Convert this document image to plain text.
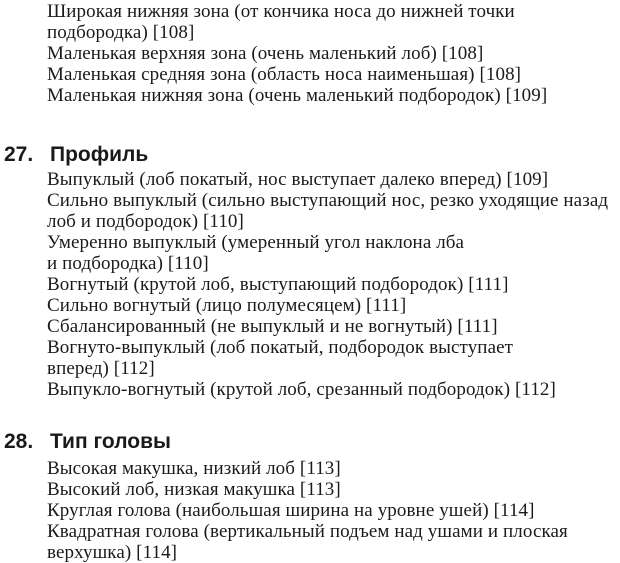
Широкая нижняя зона (от кончика носа до нижней точки
подбородка) [108]
Маленькая верхняя зона (очень маленький лоб) [108]
Маленькая средняя зона (область носа наименьшая) [108]
Маленькая нижняя зона (очень маленький подбородок) [109]
27. Профиль
Выпуклый (лоб покатый, нос выступает далеко вперед) [109]
Сильно выпуклый (сильно выступающий нос, резко уходящие назад
лоб и подбородок) [110]
Умеренно выпуклый (умеренный угол наклона лба
и подбородка) [110]
Вогнутый (крутой лоб, выступающий подбородок) [111]
Сильно вогнутый (лицо полумесяцем) [111]
Сбалансированный (не выпуклый и не вогнутый) [111]
Вогнуто-выпуклый (лоб покатый, подбородок выступает
вперед) [112]
Выпукло-вогнутый (крутой лоб, срезанный подбородок) [112]
28. Тип головы
Высокая макушка, низкий лоб [113]
Высокий лоб, низкая макушка [113]
Круглая голова (наибольшая ширина на уровне ушей) [114]
Квадратная голова (вертикальный подъем над ушами и плоская
верхушка) [114]
